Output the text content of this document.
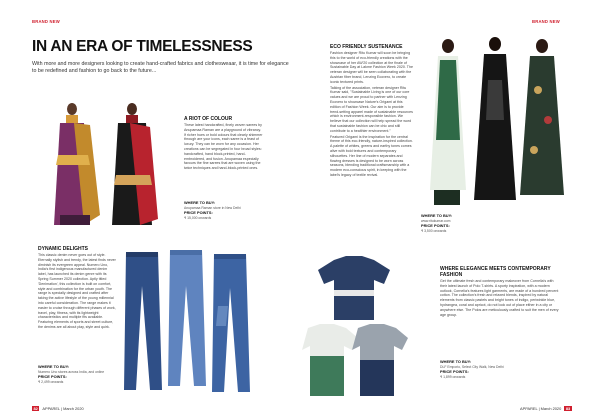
BRAND NEW	BRAND NEW
IN AN ERA OF TIMELESSNESS
With more and more designers looking to create hand-crafted fabrics and clothesweaar, it is time for elegance to be redefined and fashion to go back to the future...
A RIOT OF COLOUR
These latest handcrafted, finely woven sarees by Anupamaa Raman are a playground of vibrancy. If richer hues or bold colours that clearly shimmer through are your icons, each saree is a feast of luxury. They can be worn for any occasion. Her creations can be segregated in four broad styles: handcrafted, hand block-printed, hand-embroidered, and fusion. Anupamaa especially favours the fine sarees that are woven using the twice techniques and hand-block-printed ones.
WHERE TO BUY:
Anupamaa Raman store in New Delhi
PRICE POINTS:
₹ 15,000 onwards
ECO FRIENDLY SUSTENANCE
Fashion designer Ritu Kumar will soon be bringing this to the world of eco-friendly creations with the showcase of her AW'20 collection at the finale of Sustainable Day at Lakme Fashion Week 2020. The veteran designer will be seen collaborating with the Austrian fiber brand, Lenzing Ecovero, to create iconic textured prints.
Talking of the association, veteran designer Ritu Kumar said, "Sustainable Living is one of our core values and we are proud to partner with Lenzing Ecovero to showcase Nature's Origami at this edition of Fashion Week. Our aim is to provide trend-setting apparel made of sustainable resources which is environment-responsible fashion. We believe that our collection will help spread the word that sustainable fashion can be chic and still contribute to a healthier environment."
Featured Origami is the inspiration for the central theme of this eco-friendly, nature-inspired collection. A palette of whites, greens and earthy tones comes alive with bold textures and contemporary silhouettes. Her line of modern separates and flowing dresses is designed to be worn across seasons, blending traditional craftsmanship with a modern eco-conscious spirit, in keeping with the label's legacy of textile revival.
WHERE TO BUY:
www.ritukumar.com
PRICE POINTS:
₹ 3,500 onwards
DYNAMIC DELIGHTS
This classic denim never goes out of style. Eternally stylish and trendy, the latest finds never diminish its evergreen appeal. Numero Uno, India's first indigenous manufactured denim label, has launched its denim genre with its Spring Summer 2020 collection. Aptly titled 'Denimation', this collection is built on comfort, style and combination for the urban youth. The range is specially designed and crafted after taking the active lifestyle of the young millennial into careful consideration. The range makes it easier to cruise through different phases of work, travel, play, fitness, with its lightweight characteristics and multiple fits available. Featuring elements of sports and street culture, the denims are all about play, style and quirk.
WHERE TO BUY:
Numero Uno stores across India, and online
PRICE POINTS:
₹ 2,499 onwards
WHERE ELEGANCE MEETS CONTEMPORARY FASHION
Get the ultimate fresh and contemporary makeover from Cornelia's with their latest launch of Polo T-shirts. A sporty inspiration, with a modern outlook, Cornelia's features light garments, are made of a hundred percent cotton. The collection's fresh and relaxed blends, inspired by natural elements from classic pastels and bright tones of indigo, periwinkle blue, hydrangea, coral and apricot, do not look out of place either in a city or anywhere else. The Polos are meticulously crafted to suit the men of every age group.
WHERE TO BUY:
DLF Emporio, Select City Walk, New Delhi
PRICE POINTS:
₹ 1,899 onwards
82 APPAREL | March 2020	APPAREL | March 2020 83
